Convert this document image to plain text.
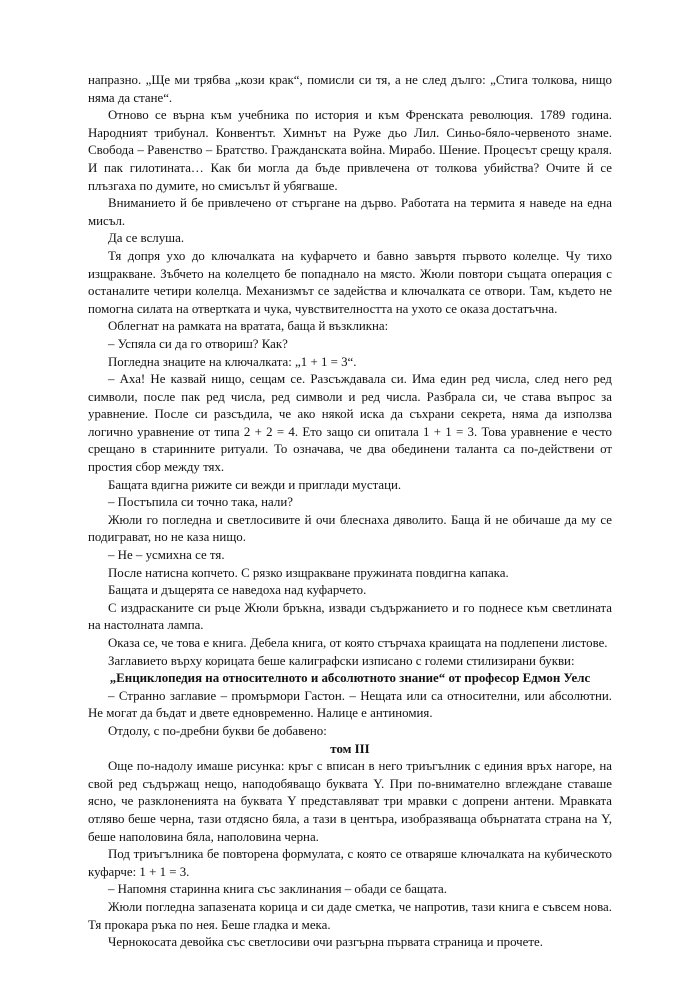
напразно. „Ще ми трябва „кози крак“, помисли си тя, а не след дълго: „Стига толкова, нищо няма да стане“.

Отново се върна към учебника по история и към Френската революция. 1789 година. Народният трибунал. Конвентът. Химнът на Руже дьо Лил. Синьо-бяло-червеното знаме. Свобода – Равенство – Братство. Гражданската война. Мирабо. Шение. Процесът срещу краля. И пак гилотината… Как би могла да бъде привлечена от толкова убийства? Очите й се плъзгаха по думите, но смисълът й убягваше.

Вниманието й бе привлечено от стъргане на дърво. Работата на термита я наведе на една мисъл.

Да се вслуша.

Тя допря ухо до ключалката на куфарчето и бавно завъртя първото колелце. Чу тихо изщракване. Зъбчето на колелцето бе попаднало на място. Жюли повтори същата операция с останалите четири колелца. Механизмът се задейства и ключалката се отвори. Там, където не помогна силата на отвертката и чука, чувствителността на ухото се оказа достатъчна.

Облегнат на рамката на вратата, баща й възкликна:

– Успяла си да го отвориш? Как?

Погледна знаците на ключалката: „1 + 1 = 3“.

– Аха! Не казвай нищо, сещам се. Разсъждавала си. Има един ред числа, след него ред символи, после пак ред числа, ред символи и ред числа. Разбрала си, че става въпрос за уравнение. После си разсъдила, че ако някой иска да съхрани секрета, няма да използва логично уравнение от типа 2 + 2 = 4. Ето защо си опитала 1 + 1 = 3. Това уравнение е често срещано в старинните ритуали. То означава, че два обединени таланта са по-действени от простия сбор между тях.

Бащата вдигна рижите си вежди и приглади мустаци.

– Постъпила си точно така, нали?

Жюли го погледна и светлосивите й очи блеснаха дяволито. Баща й не обичаше да му се подиграват, но не каза нищо.

– Не – усмихна се тя.

После натисна копчето. С рязко изщракване пружината повдигна капака.

Бащата и дъщерята се наведоха над куфарчето.

С издрасканите си ръце Жюли бръкна, извади съдържанието и го поднесе към светлината на настолната лампа.

Оказа се, че това е книга. Дебела книга, от която стърчаха краищата на подлепени листове.

Заглавието върху корицата беше калиграфски изписано с големи стилизирани букви:

„Енциклопедия на относителното и абсолютното знание“ от професор Едмон Уелс

– Странно заглавие – промърмори Гастон. – Нещата или са относителни, или абсолютни. Не могат да бъдат и двете едновременно. Налице е антиномия.

Отдолу, с по-дребни букви бе добавено:

том III

Още по-надолу имаше рисунка: кръг с вписан в него триъгълник с единия връх нагоре, на свой ред съдържащ нещо, наподобяващо буквата Y. При по-внимателно вглеждане ставаше ясно, че разклоненията на буквата Y представляват три мравки с допрени антени. Мравката отляво беше черна, тази отдясно бяла, а тази в центъра, изобразяваща обърнатата страна на Y, беше наполовина бяла, наполовина черна.

Под триъгълника бе повторена формулата, с която се отваряше ключалката на кубическото куфарче: 1 + 1 = 3.

– Напомня старинна книга със заклинания – обади се бащата.

Жюли погледна запазената корица и си даде сметка, че напротив, тази книга е съвсем нова. Тя прокара ръка по нея. Беше гладка и мека.

Чернокосата девойка със светлосиви очи разгърна първата страница и прочете.
